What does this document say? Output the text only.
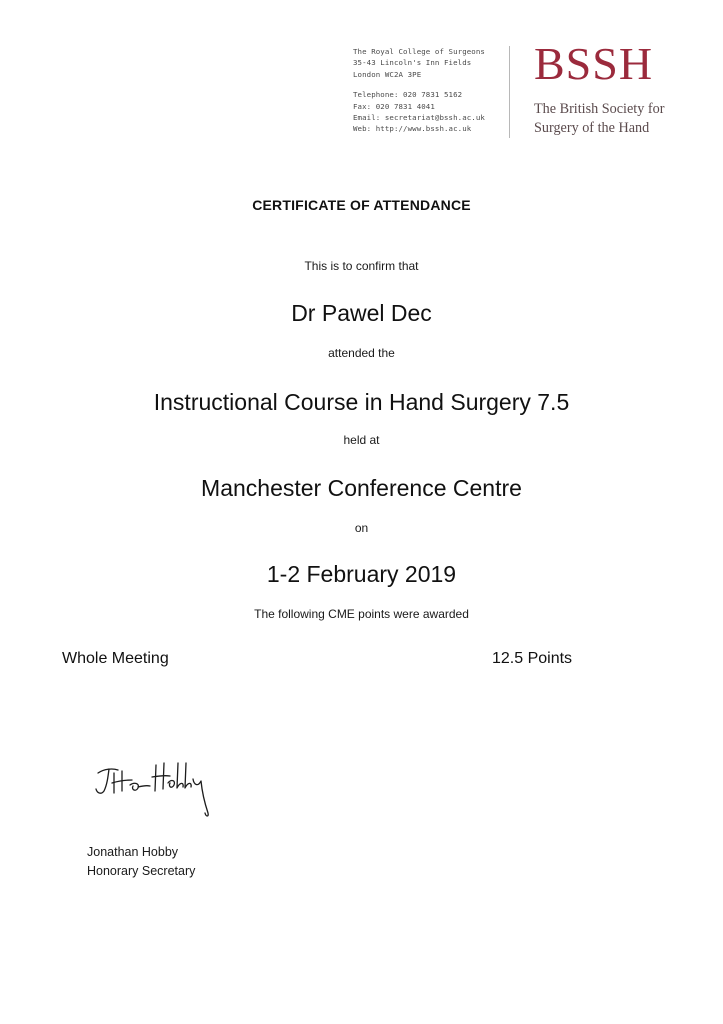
The Royal College of Surgeons
35-43 Lincoln's Inn Fields
London WC2A 3PE
Telephone: 020 7831 5162
Fax: 020 7831 4041
Email: secretariat@bssh.ac.uk
Web: http://www.bssh.ac.uk
BSSH
The British Society for
Surgery of the Hand
CERTIFICATE OF ATTENDANCE
This is to confirm that
Dr Pawel Dec
attended the
Instructional Course in Hand Surgery 7.5
held at
Manchester Conference Centre
on
1-2 February 2019
The following CME points were awarded
Whole Meeting	12.5 Points
Jonathan Hobby
Honorary Secretary
